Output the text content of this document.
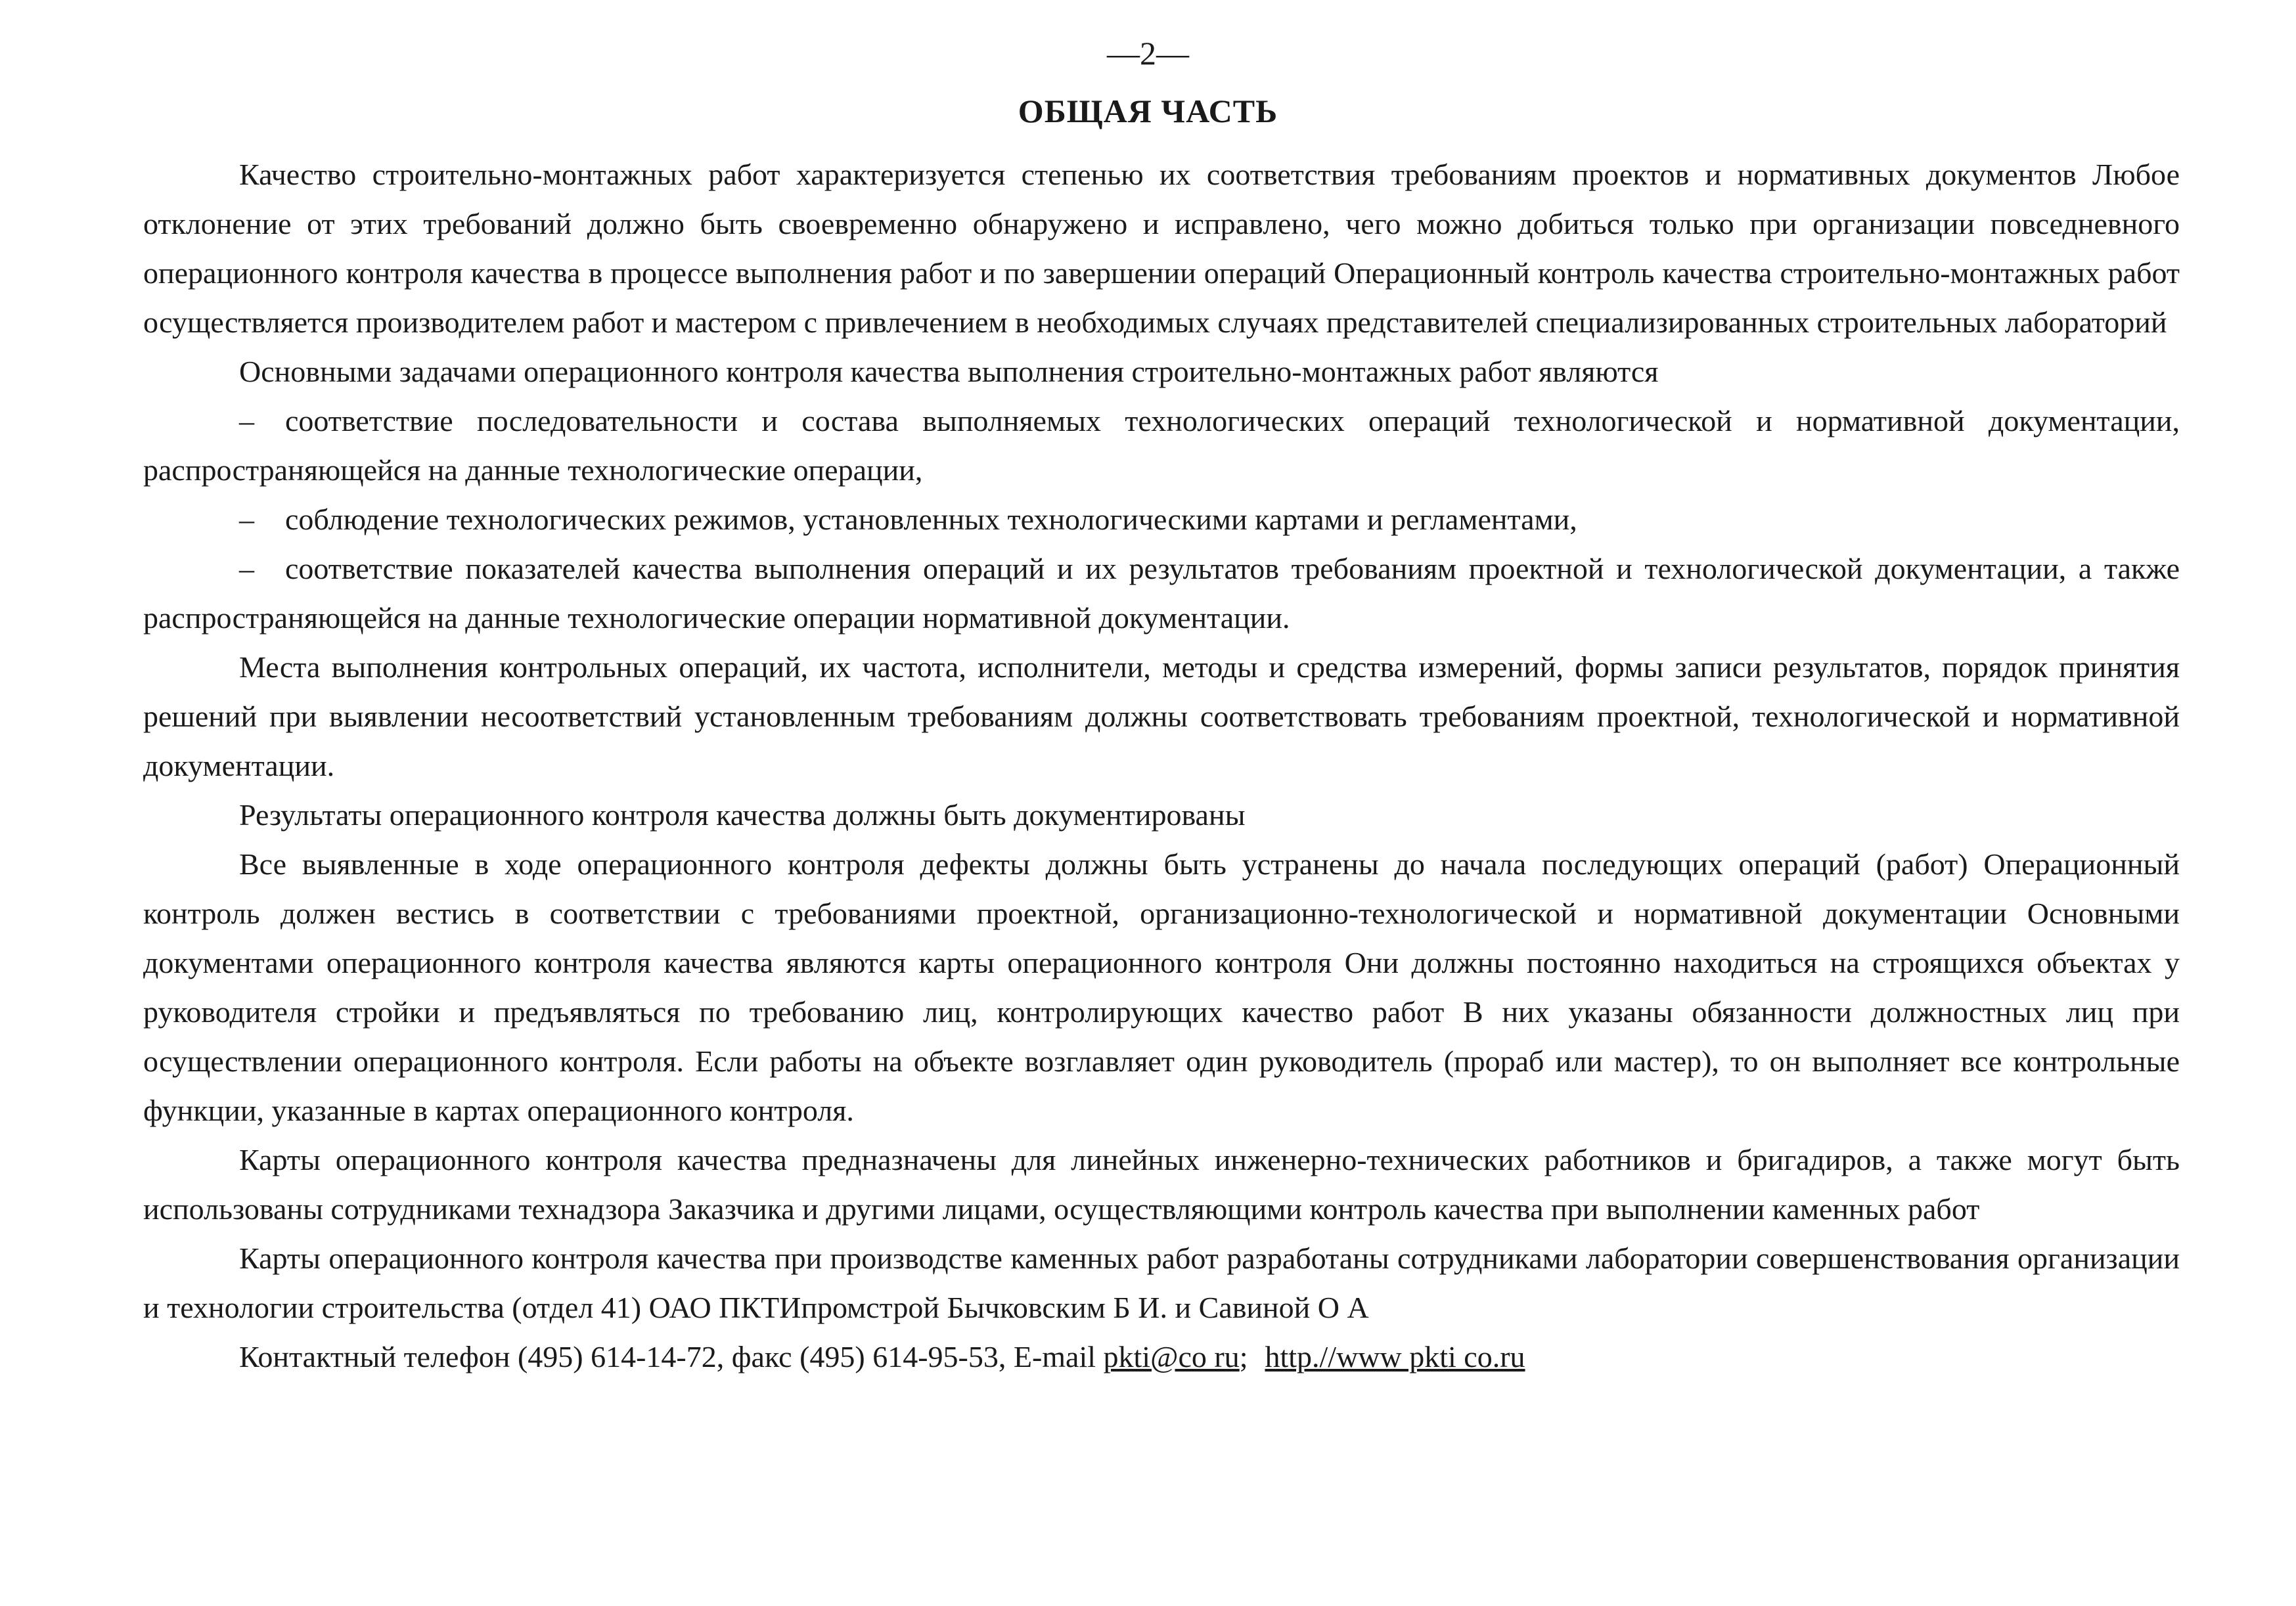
—2—
ОБЩАЯ ЧАСТЬ

Качество строительно-монтажных работ характеризуется степенью их соответствия требованиям проектов и нормативных документов Любое отклонение от этих требований должно быть своевременно обнаружено и исправлено, чего можно добиться только при организации повседневного операционного контроля качества в процессе выполнения работ и по завершении операций Операционный контроль качества строительно-монтажных работ осуществляется производителем работ и мастером с привлечением в необходимых случаях представителей специализированных строительных лабораторий

Основными задачами операционного контроля качества выполнения строительно-монтажных работ являются

– соответствие последовательности и состава выполняемых технологических операций технологической и нормативной документации, распространяющейся на данные технологические операции,

– соблюдение технологических режимов, установленных технологическими картами и регламентами,

– соответствие показателей качества выполнения операций и их результатов требованиям проектной и технологической документации, а также распространяющейся на данные технологические операции нормативной документации.

Места выполнения контрольных операций, их частота, исполнители, методы и средства измерений, формы записи результатов, порядок принятия решений при выявлении несоответствий установленным требованиям должны соответствовать требованиям проектной, технологической и нормативной документации.

Результаты операционного контроля качества должны быть документированы

Все выявленные в ходе операционного контроля дефекты должны быть устранены до начала последующих операций (работ) Операционный контроль должен вестись в соответствии с требованиями проектной, организационно-технологической и нормативной документации Основными документами операционного контроля качества являются карты операционного контроля Они должны постоянно находиться на строящихся объектах у руководителя стройки и предъявляться по требованию лиц, контролирующих качество работ В них указаны обязанности должностных лиц при осуществлении операционного контроля. Если работы на объекте возглавляет один руководитель (прораб или мастер), то он выполняет все контрольные функции, указанные в картах операционного контроля.

Карты операционного контроля качества предназначены для линейных инженерно-технических работников и бригадиров, а также могут быть использованы сотрудниками технадзора Заказчика и другими лицами, осуществляющими контроль качества при выполнении каменных работ

Карты операционного контроля качества при производстве каменных работ разработаны сотрудниками лаборатории совершенствования организации и технологии строительства (отдел 41) ОАО ПКТИпромстрой Бычковским Б И. и Савиной О А

Контактный телефон (495) 614-14-72, факс (495) 614-95-53, E-mail pkti@co ru; http.//www pkti co.ru
